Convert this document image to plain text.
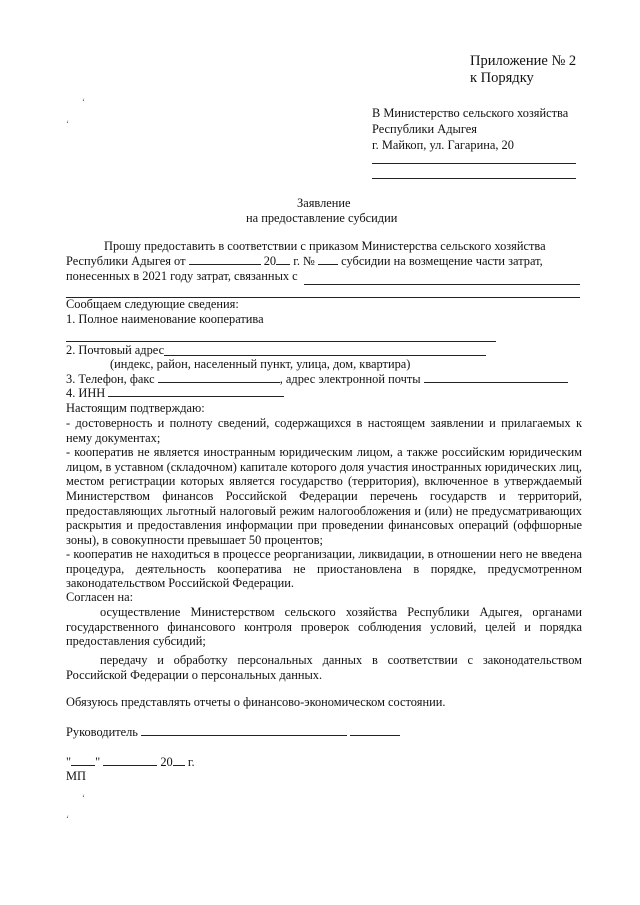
Приложение № 2
к Порядку
‘
‘
В Министерство сельского хозяйства
Республики Адыгея
г. Майкоп, ул. Гагарина, 20
Заявление
на предоставление субсидии
Прошу предоставить в соответствии с приказом Министерства сельского хозяйства
Республики Адыгея от	20 г. № субсидии на возмещение части затрат,
понесенных в 2021 году затрат, связанных с
Сообщаем следующие сведения:
1. Полное наименование кооператива
2. Почтовый адрес
(индекс, район, населенный пункт, улица, дом, квартира)
3. Телефон, факс	, адрес электронной почты
4. ИНН
Настоящим подтверждаю:
- достоверность и полноту сведений, содержащихся в настоящем заявлении и прилагаемых к нему документах;
- кооператив не является иностранным юридическим лицом, а также российским юридическим лицом, в уставном (складочном) капитале которого доля участия иностранных юридических лиц, местом регистрации которых является государство (территория), включенное в утверждаемый Министерством финансов Российской Федерации перечень государств и территорий, предоставляющих льготный налоговый режим налогообложения и (или) не предусматривающих раскрытия и предоставления информации при проведении финансовых операций (оффшорные зоны), в совокупности превышает 50 процентов;
- кооператив не находиться в процессе реорганизации, ликвидации, в отношении него не введена процедура, деятельность кооператива не приостановлена в порядке, предусмотренном законодательством Российской Федерации.
Согласен на:
осуществление Министерством сельского хозяйства Республики Адыгея, органами государственного финансового контроля проверок соблюдения условий, целей и порядка предоставления субсидий;
передачу и обработку персональных данных в соответствии с законодательством Российской Федерации о персональных данных.
Обязуюсь представлять отчеты о финансово-экономическом состоянии.
Руководитель
" "	20 г.
МП
‘
‘
